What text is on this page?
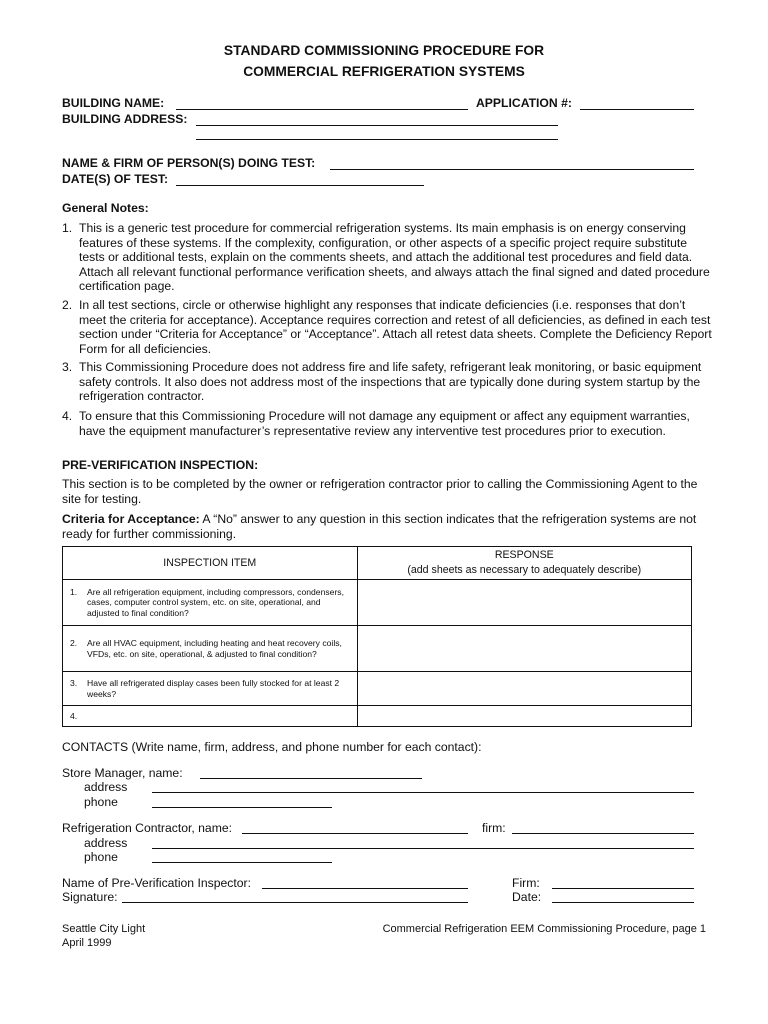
STANDARD COMMISSIONING PROCEDURE FOR
COMMERCIAL REFRIGERATION SYSTEMS
BUILDING NAME:	APPLICATION #:
BUILDING ADDRESS:
NAME & FIRM OF PERSON(S) DOING TEST:
DATE(S) OF TEST:
General Notes:
1. This is a generic test procedure for commercial refrigeration systems. Its main emphasis is on energy conserving features of these systems. If the complexity, configuration, or other aspects of a specific project require substitute tests or additional tests, explain on the comments sheets, and attach the additional test procedures and field data. Attach all relevant functional performance verification sheets, and always attach the final signed and dated procedure certification page.
2. In all test sections, circle or otherwise highlight any responses that indicate deficiencies (i.e. responses that don’t meet the criteria for acceptance). Acceptance requires correction and retest of all deficiencies, as defined in each test section under “Criteria for Acceptance” or “Acceptance”. Attach all retest data sheets. Complete the Deficiency Report Form for all deficiencies.
3. This Commissioning Procedure does not address fire and life safety, refrigerant leak monitoring, or basic equipment safety controls. It also does not address most of the inspections that are typically done during system startup by the refrigeration contractor.
4. To ensure that this Commissioning Procedure will not damage any equipment or affect any equipment warranties, have the equipment manufacturer’s representative review any interventive test procedures prior to execution.
PRE-VERIFICATION INSPECTION:
This section is to be completed by the owner or refrigeration contractor prior to calling the Commissioning Agent to the site for testing.
Criteria for Acceptance: A “No” answer to any question in this section indicates that the refrigeration systems are not ready for further commissioning.
INSPECTION ITEM	RESPONSE
(add sheets as necessary to adequately describe)

1. Are all refrigeration equipment, including compressors, condensers, cases, computer control system, etc. on site, operational, and adjusted to final condition?	

2. Are all HVAC equipment, including heating and heat recovery coils, VFDs, etc. on site, operational, & adjusted to final condition?	

3. Have all refrigerated display cases been fully stocked for at least 2 weeks?	

4.	

CONTACTS (Write name, firm, address, and phone number for each contact):
Store Manager, name:
address
phone
Refrigeration Contractor, name:	firm:
address
phone
Name of Pre-Verification Inspector:	Firm:
Signature:	Date:
Seattle City Light
April 1999
Commercial Refrigeration EEM Commissioning Procedure, page 1
